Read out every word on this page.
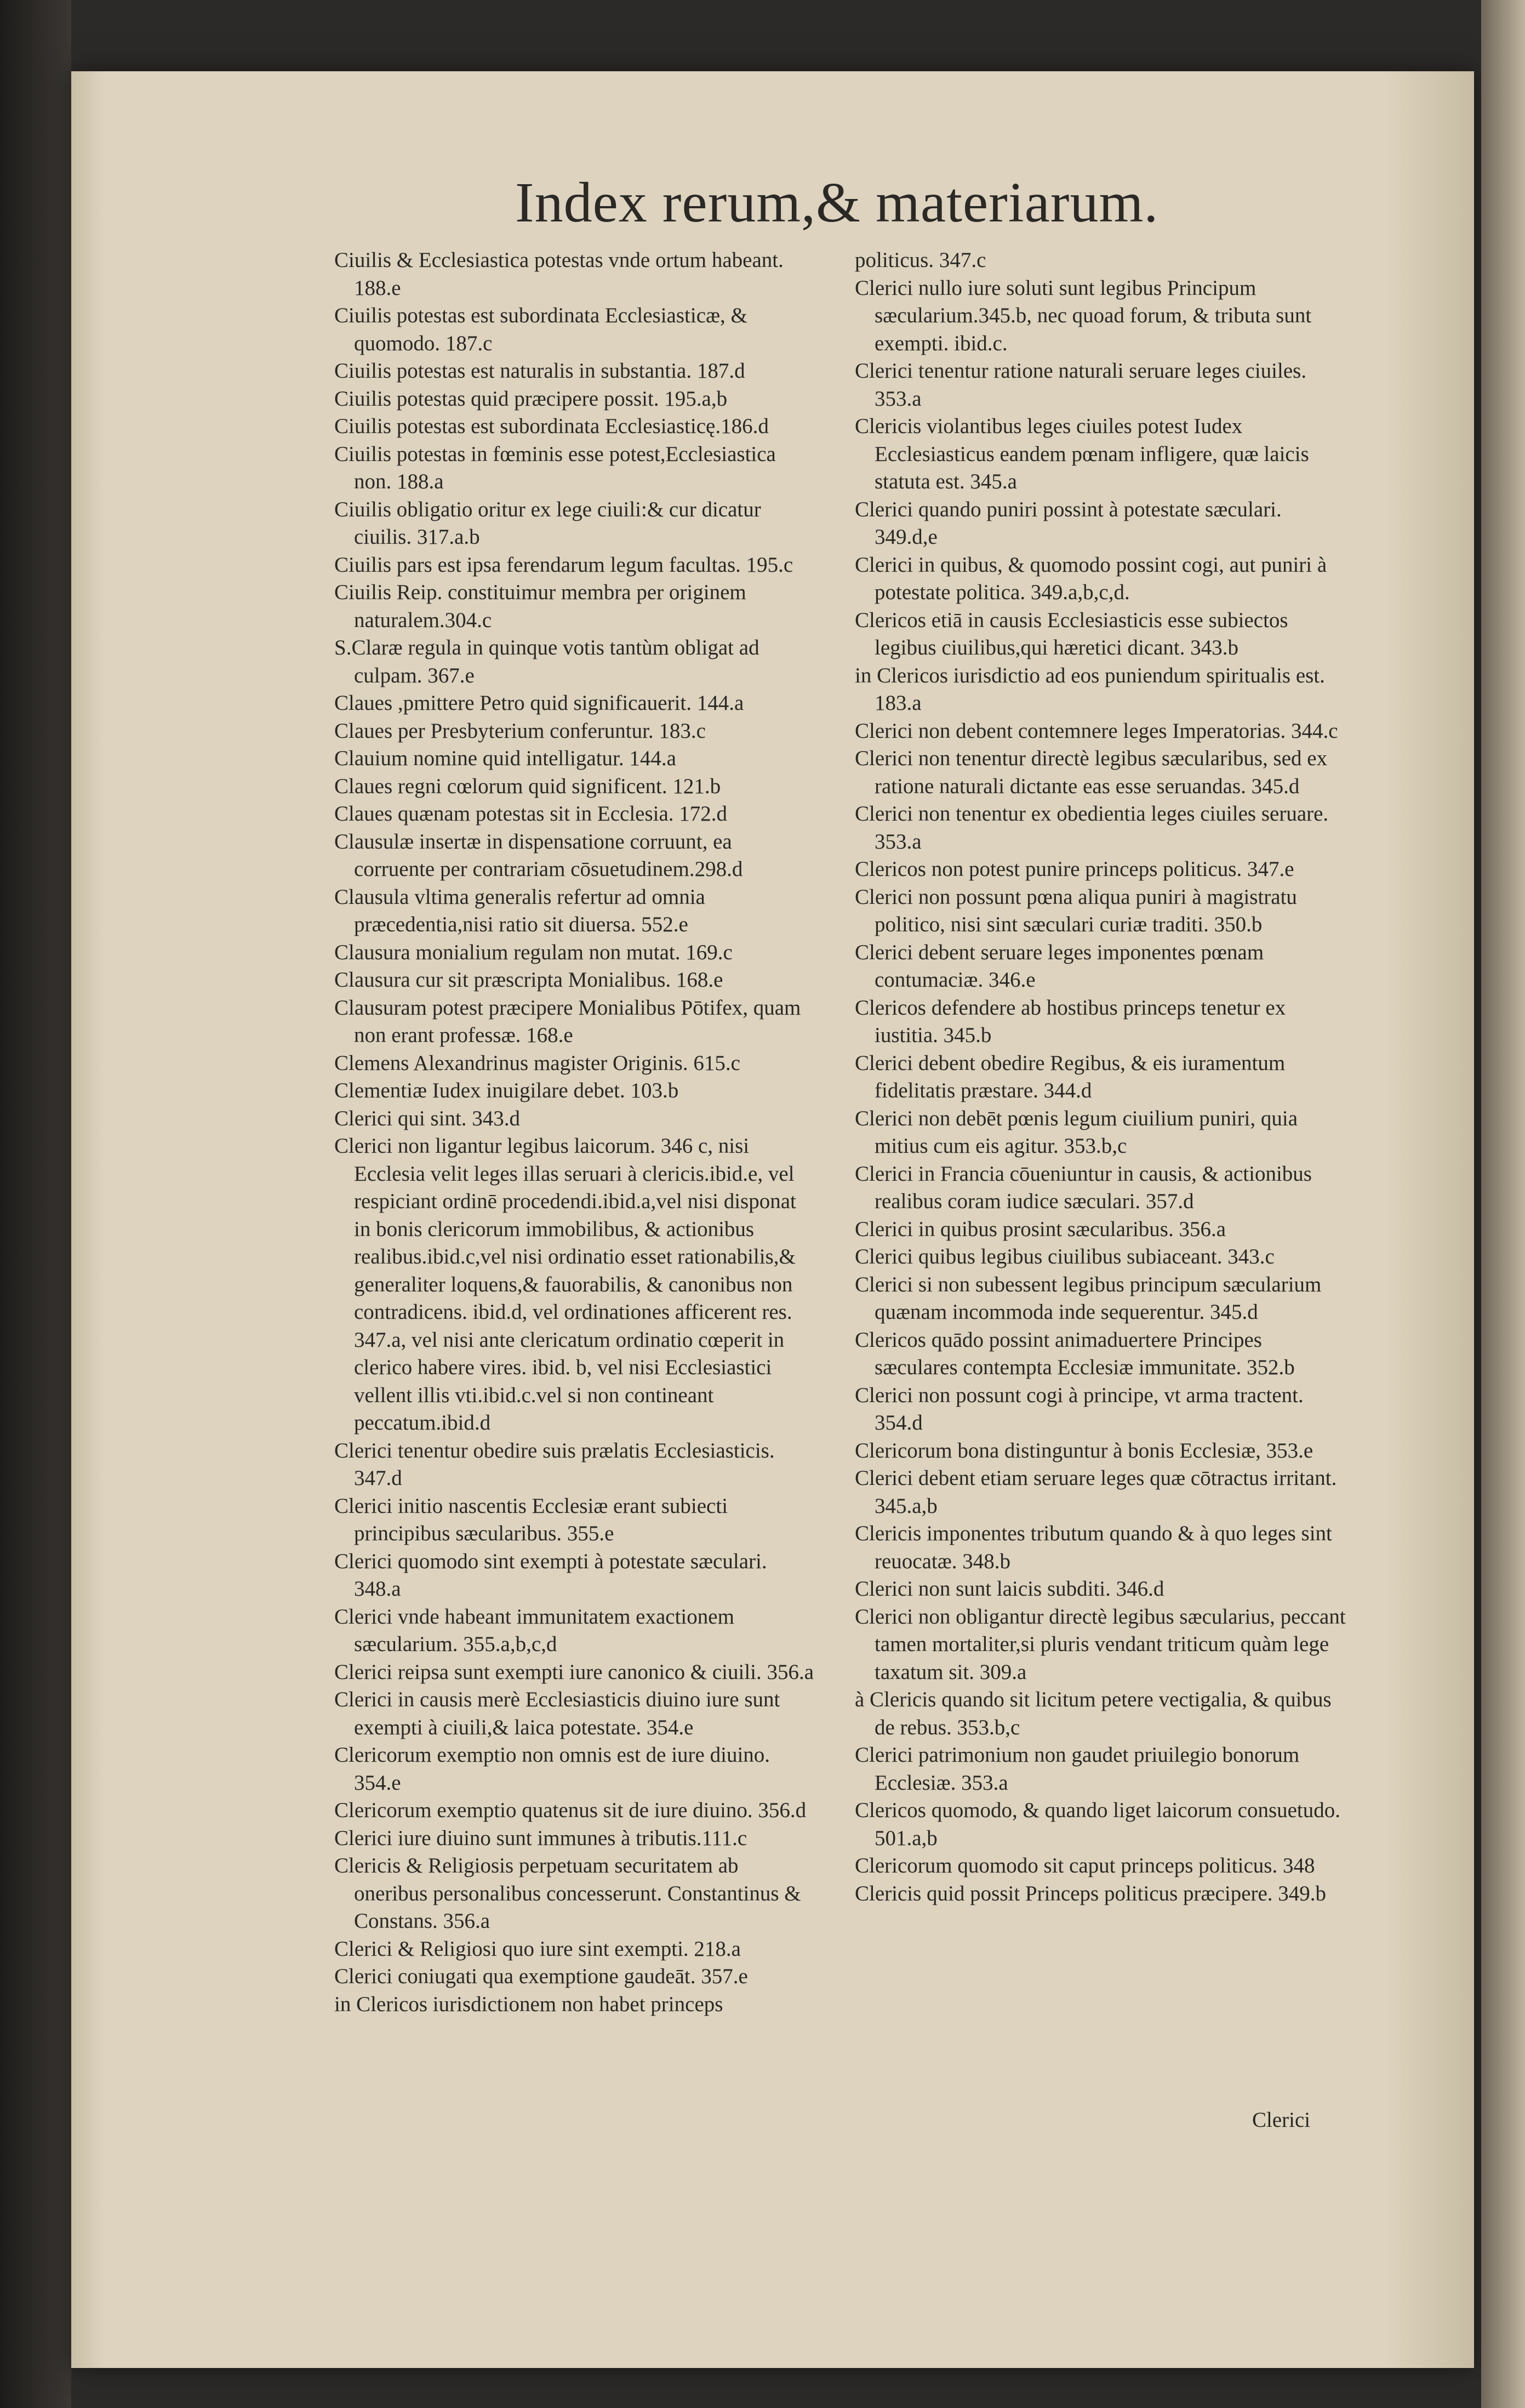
Index rerum,& materiarum.

Ciuilis & Ecclesiastica potestas vnde ortum habeant. 188.e

Ciuilis potestas est subordinata Ecclesiasticæ, & quomodo. 187.c

Ciuilis potestas est naturalis in substantia. 187.d

Ciuilis potestas quid præcipere possit. 195.a,b

Ciuilis potestas est subordinata Ecclesiasticę.186.d

Ciuilis potestas in fœminis esse potest,Ecclesiastica non. 188.a

Ciuilis obligatio oritur ex lege ciuili:& cur dicatur ciuilis. 317.a.b

Ciuilis pars est ipsa ferendarum legum facultas. 195.c

Ciuilis Reip. constituimur membra per originem naturalem.304.c

S.Claræ regula in quinque votis tantùm obligat ad culpam. 367.e

Claues ,pmittere Petro quid significauerit. 144.a

Claues per Presbyterium conferuntur. 183.c

Clauium nomine quid intelligatur. 144.a

Claues regni cœlorum quid significent. 121.b

Claues quænam potestas sit in Ecclesia. 172.d

Clausulæ insertæ in dispensatione corruunt, ea corruente per contrariam cōsuetudinem.298.d

Clausula vltima generalis refertur ad omnia præcedentia,nisi ratio sit diuersa. 552.e

Clausura monialium regulam non mutat. 169.c

Clausura cur sit præscripta Monialibus. 168.e

Clausuram potest præcipere Monialibus Pōtifex, quam non erant professæ. 168.e

Clemens Alexandrinus magister Originis. 615.c

Clementiæ Iudex inuigilare debet. 103.b

Clerici qui sint. 343.d

Clerici non ligantur legibus laicorum. 346 c, nisi Ecclesia velit leges illas seruari à clericis.ibid.e, vel respiciant ordinē procedendi.ibid.a,vel nisi disponat in bonis clericorum immobilibus, & actionibus realibus.ibid.c,vel nisi ordinatio esset rationabilis,& generaliter loquens,& fauorabilis, & canonibus non contradicens. ibid.d, vel ordinationes afficerent res. 347.a, vel nisi ante clericatum ordinatio cœperit in clerico habere vires. ibid. b, vel nisi Ecclesiastici vellent illis vti.ibid.c.vel si non contineant peccatum.ibid.d

Clerici tenentur obedire suis prælatis Ecclesiasticis. 347.d

Clerici initio nascentis Ecclesiæ erant subiecti principibus sæcularibus. 355.e

Clerici quomodo sint exempti à potestate sæculari. 348.a

Clerici vnde habeant immunitatem exactionem sæcularium. 355.a,b,c,d

Clerici reipsa sunt exempti iure canonico & ciuili. 356.a

Clerici in causis merè Ecclesiasticis diuino iure sunt exempti à ciuili,& laica potestate. 354.e

Clericorum exemptio non omnis est de iure diuino. 354.e

Clericorum exemptio quatenus sit de iure diuino. 356.d

Clerici iure diuino sunt immunes à tributis.111.c

Clericis & Religiosis perpetuam securitatem ab oneribus personalibus concesserunt. Constantinus & Constans. 356.a

Clerici & Religiosi quo iure sint exempti. 218.a

Clerici coniugati qua exemptione gaudeāt. 357.e

in Clericos iurisdictionem non habet princeps

politicus. 347.c

Clerici nullo iure soluti sunt legibus Principum sæcularium.345.b, nec quoad forum, & tributa sunt exempti. ibid.c.

Clerici tenentur ratione naturali seruare leges ciuiles. 353.a

Clericis violantibus leges ciuiles potest Iudex Ecclesiasticus eandem pœnam infligere, quæ laicis statuta est. 345.a

Clerici quando puniri possint à potestate sæculari. 349.d,e

Clerici in quibus, & quomodo possint cogi, aut puniri à potestate politica. 349.a,b,c,d.

Clericos etiā in causis Ecclesiasticis esse subiectos legibus ciuilibus,qui hæretici dicant. 343.b

in Clericos iurisdictio ad eos puniendum spiritualis est. 183.a

Clerici non debent contemnere leges Imperatorias. 344.c

Clerici non tenentur directè legibus sæcularibus, sed ex ratione naturali dictante eas esse seruandas. 345.d

Clerici non tenentur ex obedientia leges ciuiles seruare. 353.a

Clericos non potest punire princeps politicus. 347.e

Clerici non possunt pœna aliqua puniri à magistratu politico, nisi sint sæculari curiæ traditi. 350.b

Clerici debent seruare leges imponentes pœnam contumaciæ. 346.e

Clericos defendere ab hostibus princeps tenetur ex iustitia. 345.b

Clerici debent obedire Regibus, & eis iuramentum fidelitatis præstare. 344.d

Clerici non debēt pœnis legum ciuilium puniri, quia mitius cum eis agitur. 353.b,c

Clerici in Francia cōueniuntur in causis, & actionibus realibus coram iudice sæculari. 357.d

Clerici in quibus prosint sæcularibus. 356.a

Clerici quibus legibus ciuilibus subiaceant. 343.c

Clerici si non subessent legibus principum sæcularium quænam incommoda inde sequerentur. 345.d

Clericos quādo possint animaduertere Principes sæculares contempta Ecclesiæ immunitate. 352.b

Clerici non possunt cogi à principe, vt arma tractent. 354.d

Clericorum bona distinguntur à bonis Ecclesiæ, 353.e

Clerici debent etiam seruare leges quæ cōtractus irritant. 345.a,b

Clericis imponentes tributum quando & à quo leges sint reuocatæ. 348.b

Clerici non sunt laicis subditi. 346.d

Clerici non obligantur directè legibus sæcularius, peccant tamen mortaliter,si pluris vendant triticum quàm lege taxatum sit. 309.a

à Clericis quando sit licitum petere vectigalia, & quibus de rebus. 353.b,c

Clerici patrimonium non gaudet priuilegio bonorum Ecclesiæ. 353.a

Clericos quomodo, & quando liget laicorum consuetudo. 501.a,b

Clericorum quomodo sit caput princeps politicus. 348

Clericis quid possit Princeps politicus præcipere. 349.b

Clerici
